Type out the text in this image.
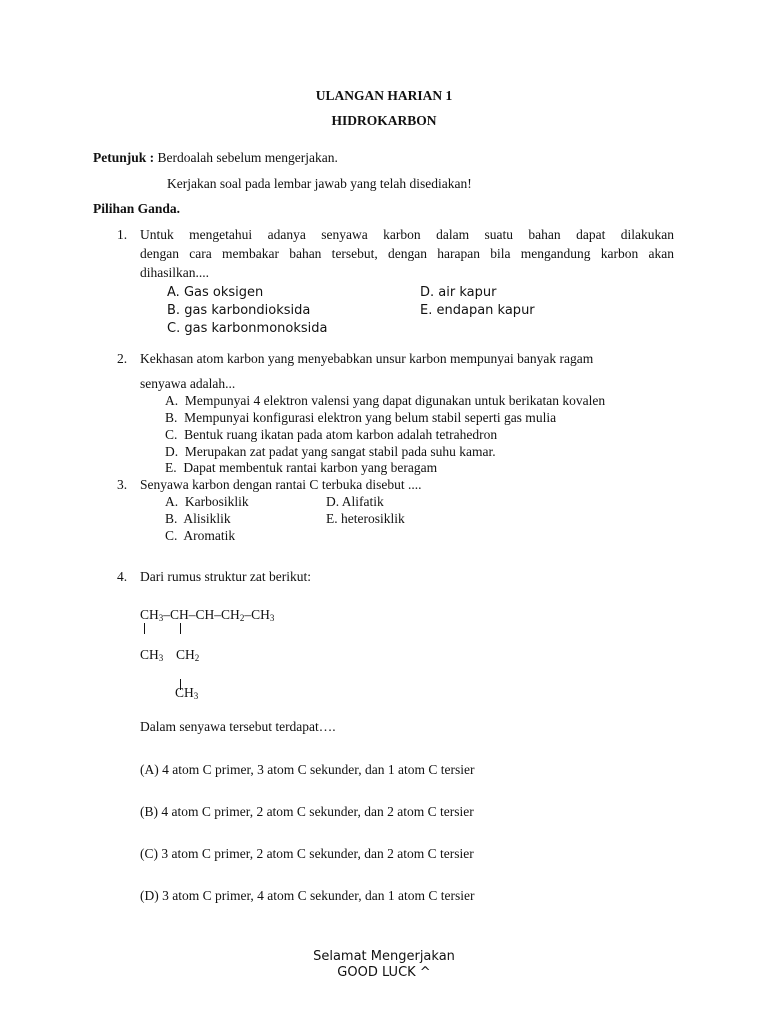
ULANGAN HARIAN 1
HIDROKARBON
Petunjuk : Berdoalah sebelum mengerjakan.
Kerjakan soal pada lembar jawab yang telah disediakan!
Pilihan Ganda.
1. Untuk mengetahui adanya senyawa karbon dalam suatu bahan dapat dilakukan
dengan cara membakar bahan tersebut, dengan harapan bila mengandung karbon akan
dihasilkan....
A. Gas oksigen
B. gas karbondioksida
C. gas karbonmonoksida
D. air kapur
E. endapan kapur
2. Kekhasan atom karbon yang menyebabkan unsur karbon mempunyai banyak ragam
senyawa adalah...
A. Mempunyai 4 elektron valensi yang dapat digunakan untuk berikatan kovalen
B. Mempunyai konfigurasi elektron yang belum stabil seperti gas mulia
C. Bentuk ruang ikatan pada atom karbon adalah tetrahedron
D. Merupakan zat padat yang sangat stabil pada suhu kamar.
E. Dapat membentuk rantai karbon yang beragam
3. Senyawa karbon dengan rantai C terbuka disebut ....
A. Karbosiklik
B. Alisiklik
C. Aromatik
D. Alifatik
E. heterosiklik
4. Dari rumus struktur zat berikut:
$CH_3-CH-CH-CH_2-CH_3$
$CH_3$ $CH_2$
$CH_3$
Dalam senyawa tersebut terdapat….
(A) 4 atom C primer, 3 atom C sekunder, dan 1 atom C tersier
(B) 4 atom C primer, 2 atom C sekunder, dan 2 atom C tersier
(C) 3 atom C primer, 2 atom C sekunder, dan 2 atom C tersier
(D) 3 atom C primer, 4 atom C sekunder, dan 1 atom C tersier
Selamat Mengerjakan
GOOD LUCK ^
